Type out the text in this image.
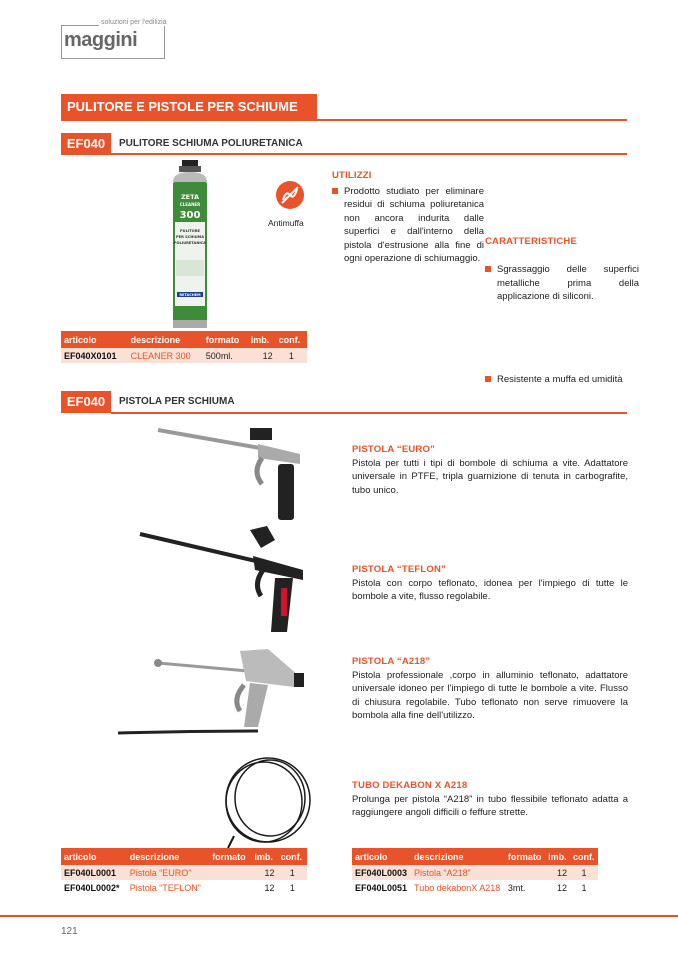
soluzioni per l'edilizia
maggini
PULITORE E PISTOLE PER SCHIUME
EF040	PULITORE SCHIUMA POLIURETANICA
ZETA
CLEANER
300
PULITORE
PER SCHIUMA
POLIURETANICA
RETACHEM
Antimuffa
UTILIZZI
Prodotto studiato per eliminare residui di schiuma poliuretanica non ancora indurita dalle superfici e dall'interno della pistola d'estrusione alla fine di ogni operazione di schiumaggio.
Sgrassaggio delle superfici metalliche prima della applicazione di siliconi.
CARATTERISTICHE
Resistente a muffa ed umidità
articolo	descrizione	formato	imb.	conf.
EF040X0101	CLEANER 300	500ml.	12	1
EF040	PISTOLA PER SCHIUMA
PISTOLA “EURO”
Pistola per tutti i tipi di bombole di schiuma a vite. Adattatore universale in PTFE, tripla guarnizione di tenuta in carbografite, tubo unico.
PISTOLA “TEFLON”
Pistola con corpo teflonato, idonea per l'impiego di tutte le bombole a vite, flusso regolabile.
PISTOLA “A218”
Pistola professionale ,corpo in alluminio teflonato, adattatore universale idoneo per l'impiego di tutte le bombole a vite. Flusso di chiusura regolabile. Tubo teflonato non serve rimuovere la bombola alla fine dell'utilizzo.
TUBO DEKABON X A218
Prolunga per pistola “A218” in tubo flessibile teflonato adatta a raggiungere angoli difficili o feffure strette.
articolo	descrizione	formato	imb.	conf.
EF040L0001	Pistola “EURO”		12	1
EF040L0002*	Pistola “TEFLON”		12	1
articolo	descrizione	formato	imb.	conf.
EF040L0003	Pistola “A218”		12	1
EF040L0051	Tubo dekabonX A218	3mt.	12	1
121
